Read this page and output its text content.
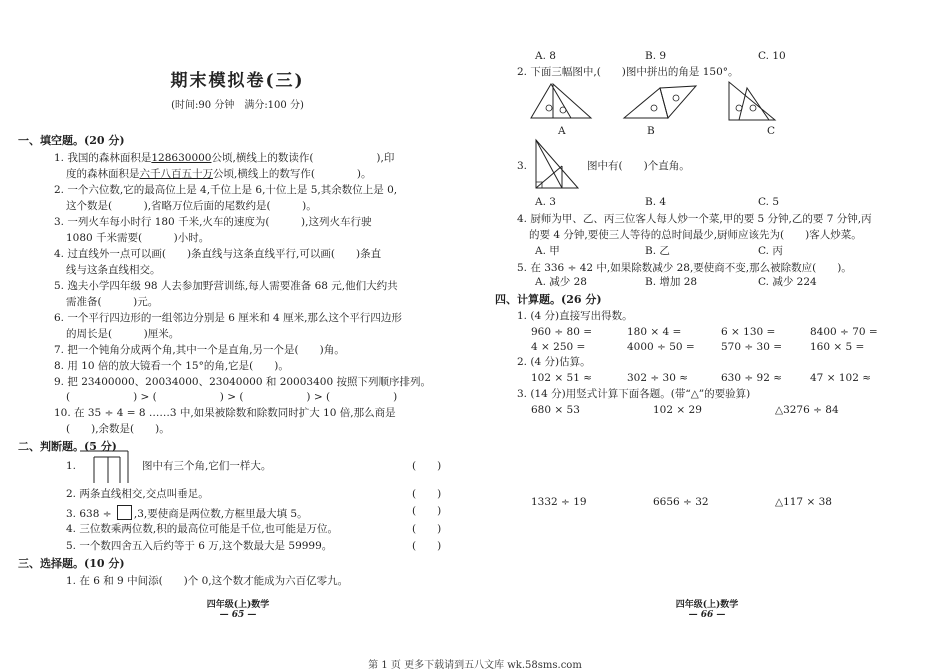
期末模拟卷(三)
(时间:90 分钟　满分:100 分)
一、填空题。(20 分)
1. 我国的森林面积是128630000公顷,横线上的数读作(　　　　　　),印
度的森林面积是六千八百五十万公顷,横线上的数写作(　　　　)。
2. 一个六位数,它的最高位上是 4,千位上是 6,十位上是 5,其余数位上是 0,
这个数是(　　　),省略万位后面的尾数约是(　　　)。
3. 一列火车每小时行 180 千米,火车的速度为(　　　),这列火车行驶
1080 千米需要(　　　)小时。
4. 过直线外一点可以画(　　)条直线与这条直线平行,可以画(　　)条直
线与这条直线相交。
5. 逸夫小学四年级 98 人去参加野营训练,每人需要准备 68 元,他们大约共
需准备(　　　)元。
6. 一个平行四边形的一组邻边分别是 6 厘米和 4 厘米,那么这个平行四边形
的周长是(　　　)厘米。
7. 把一个钝角分成两个角,其中一个是直角,另一个是(　　)角。
8. 用 10 倍的放大镜看一个 15°的角,它是(　　)。
9. 把 23400000、20034000、23040000 和 20003400 按照下列顺序排列。
(　　　　　　) > (　　　　　　) > (　　　　　　) > (　　　　　　)
10. 在 35 ÷ 4 = 8 ……3 中,如果被除数和除数同时扩大 10 倍,那么商是
(　　),余数是(　　)。
二、判断题。(5 分)
1.	图中有三个角,它们一样大。	(　　)
2. 两条直线相交,交点叫垂足。	(　　)
3. 638 ÷ ,3,要使商是两位数,方框里最大填 5。	(　　)
4. 三位数乘两位数,积的最高位可能是千位,也可能是万位。	(　　)
5. 一个数四舍五入后约等于 6 万,这个数最大是 59999。	(　　)
三、选择题。(10 分)
1. 在 6 和 9 中间添(　　)个 0,这个数才能成为六百亿零九。
四年级(上)数学
— 65 —
A. 8	B. 9	C. 10
2. 下面三幅图中,(　　)图中拼出的角是 150°。
A	B	C
3.	图中有(　　)个直角。
A. 3	B. 4	C. 5
4. 厨师为甲、乙、丙三位客人每人炒一个菜,甲的要 5 分钟,乙的要 7 分钟,丙
的要 4 分钟,要使三人等待的总时间最少,厨师应该先为(　　)客人炒菜。
A. 甲	B. 乙	C. 丙
5. 在 336 ÷ 42 中,如果除数减少 28,要使商不变,那么被除数应(　　)。
A. 减少 28	B. 增加 28	C. 减少 224
四、计算题。(26 分)
1. (4 分)直接写出得数。
960 ÷ 80 =	180 × 4 =	6 × 130 =	8400 ÷ 70 =
4 × 250 =	4000 ÷ 50 =	570 ÷ 30 =	160 × 5 =
2. (4 分)估算。
102 × 51 ≈	302 ÷ 30 ≈	630 ÷ 92 ≈	47 × 102 ≈
3. (14 分)用竖式计算下面各题。(带“△”的要验算)
680 × 53	102 × 29	△3276 ÷ 84
1332 ÷ 19	6656 ÷ 32	△117 × 38
四年级(上)数学
— 66 —
第 1 页 更多下载请到五八文库 wk.58sms.com
